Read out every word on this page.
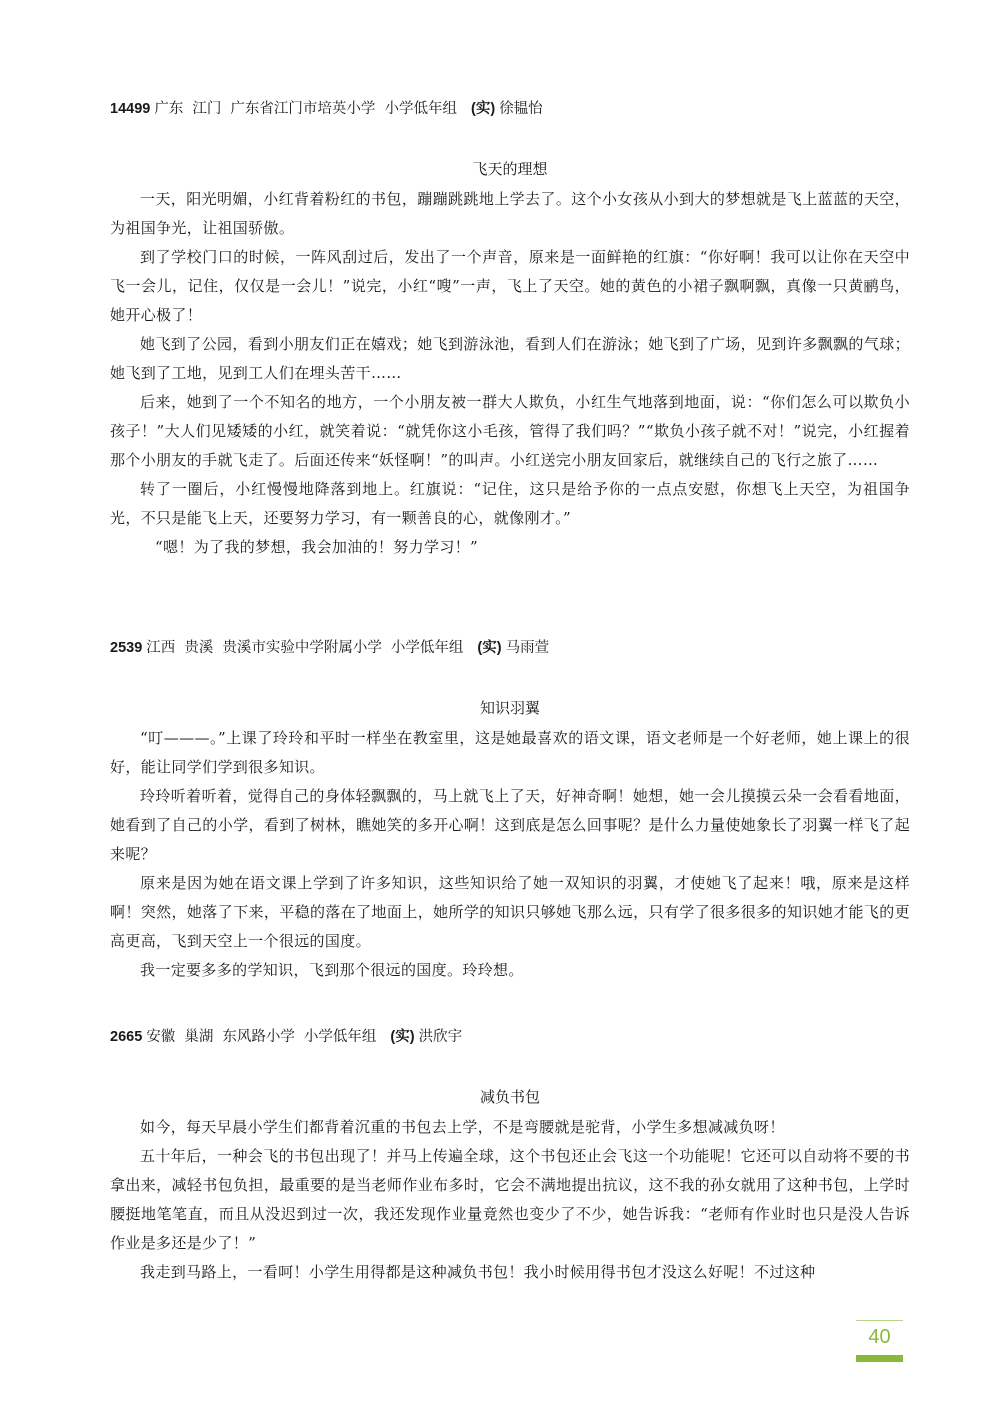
14499 广东 江门 广东省江门市培英小学 小学低年组 (实) 徐韫怡

飞天的理想

一天，阳光明媚，小红背着粉红的书包，蹦蹦跳跳地上学去了。这个小女孩从小到大的梦想就是飞上蓝蓝的天空，为祖国争光，让祖国骄傲。

到了学校门口的时候，一阵风刮过后，发出了一个声音，原来是一面鲜艳的红旗：“你好啊！我可以让你在天空中飞一会儿，记住，仅仅是一会儿！”说完，小红“嗖”一声，飞上了天空。她的黄色的小裙子飘啊飘，真像一只黄鹂鸟，她开心极了！

她飞到了公园，看到小朋友们正在嬉戏；她飞到游泳池，看到人们在游泳；她飞到了广场，见到许多飘飘的气球；她飞到了工地，见到工人们在埋头苦干……

后来，她到了一个不知名的地方，一个小朋友被一群大人欺负，小红生气地落到地面，说：“你们怎么可以欺负小孩子！”大人们见矮矮的小红，就笑着说：“就凭你这小毛孩，管得了我们吗？”“欺负小孩子就不对！”说完，小红握着那个小朋友的手就飞走了。后面还传来“妖怪啊！”的叫声。小红送完小朋友回家后，就继续自己的飞行之旅了……

转了一圈后，小红慢慢地降落到地上。红旗说：“记住，这只是给予你的一点点安慰，你想飞上天空，为祖国争光，不只是能飞上天，还要努力学习，有一颗善良的心，就像刚才。”

“嗯！为了我的梦想，我会加油的！努力学习！”

2539 江西 贵溪 贵溪市实验中学附属小学 小学低年组 (实) 马雨萱

知识羽翼

“叮———。”上课了玲玲和平时一样坐在教室里，这是她最喜欢的语文课，语文老师是一个好老师，她上课上的很好，能让同学们学到很多知识。

玲玲听着听着，觉得自己的身体轻飘飘的，马上就飞上了天，好神奇啊！她想，她一会儿摸摸云朵一会看看地面，她看到了自己的小学，看到了树林，瞧她笑的多开心啊！这到底是怎么回事呢？是什么力量使她象长了羽翼一样飞了起来呢？

原来是因为她在语文课上学到了许多知识，这些知识给了她一双知识的羽翼，才使她飞了起来！哦，原来是这样啊！突然，她落了下来，平稳的落在了地面上，她所学的知识只够她飞那么远，只有学了很多很多的知识她才能飞的更高更高，飞到天空上一个很远的国度。

我一定要多多的学知识，飞到那个很远的国度。玲玲想。

2665 安徽 巢湖 东风路小学 小学低年组 (实) 洪欣宇

减负书包

如今，每天早晨小学生们都背着沉重的书包去上学，不是弯腰就是驼背，小学生多想减减负呀！

五十年后，一种会飞的书包出现了！并马上传遍全球，这个书包还止会飞这一个功能呢！它还可以自动将不要的书拿出来，减轻书包负担，最重要的是当老师作业布多时，它会不满地提出抗议，这不我的孙女就用了这种书包，上学时腰挺地笔笔直，而且从没迟到过一次，我还发现作业量竟然也变少了不少，她告诉我：“老师有作业时也只是没人告诉作业是多还是少了！”

我走到马路上，一看呵！小学生用得都是这种减负书包！我小时候用得书包才没这么好呢！不过这种

40
